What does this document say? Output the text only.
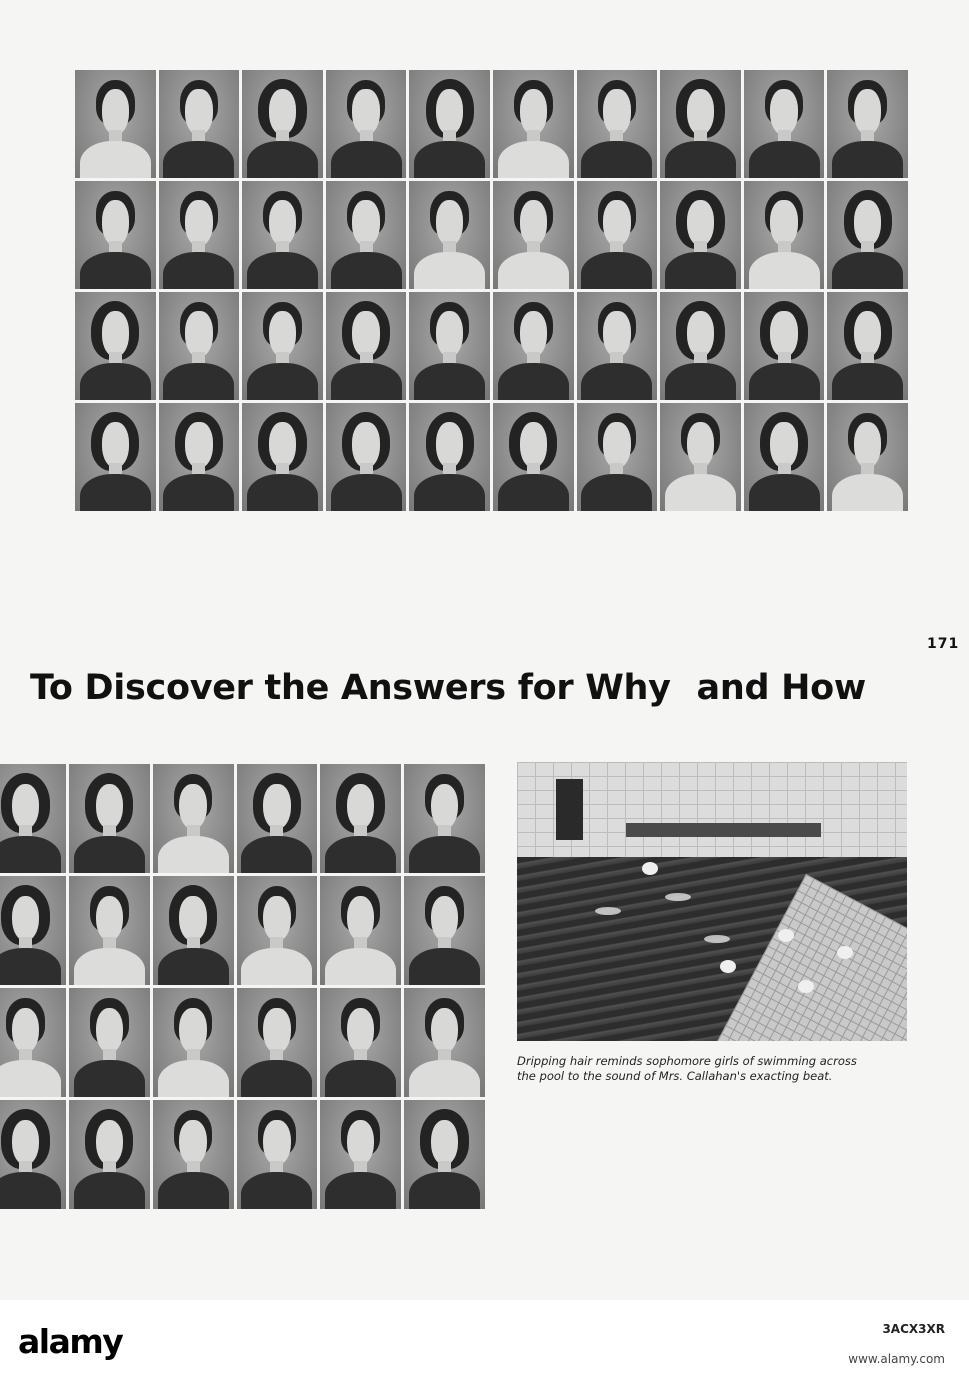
171
To Discover the Answers for Why and How

Dripping hair reminds sophomore girls of swimming across
the pool to the sound of Mrs. Callahan's exacting beat.

alamy	3ACX3XR
www.alamy.com
